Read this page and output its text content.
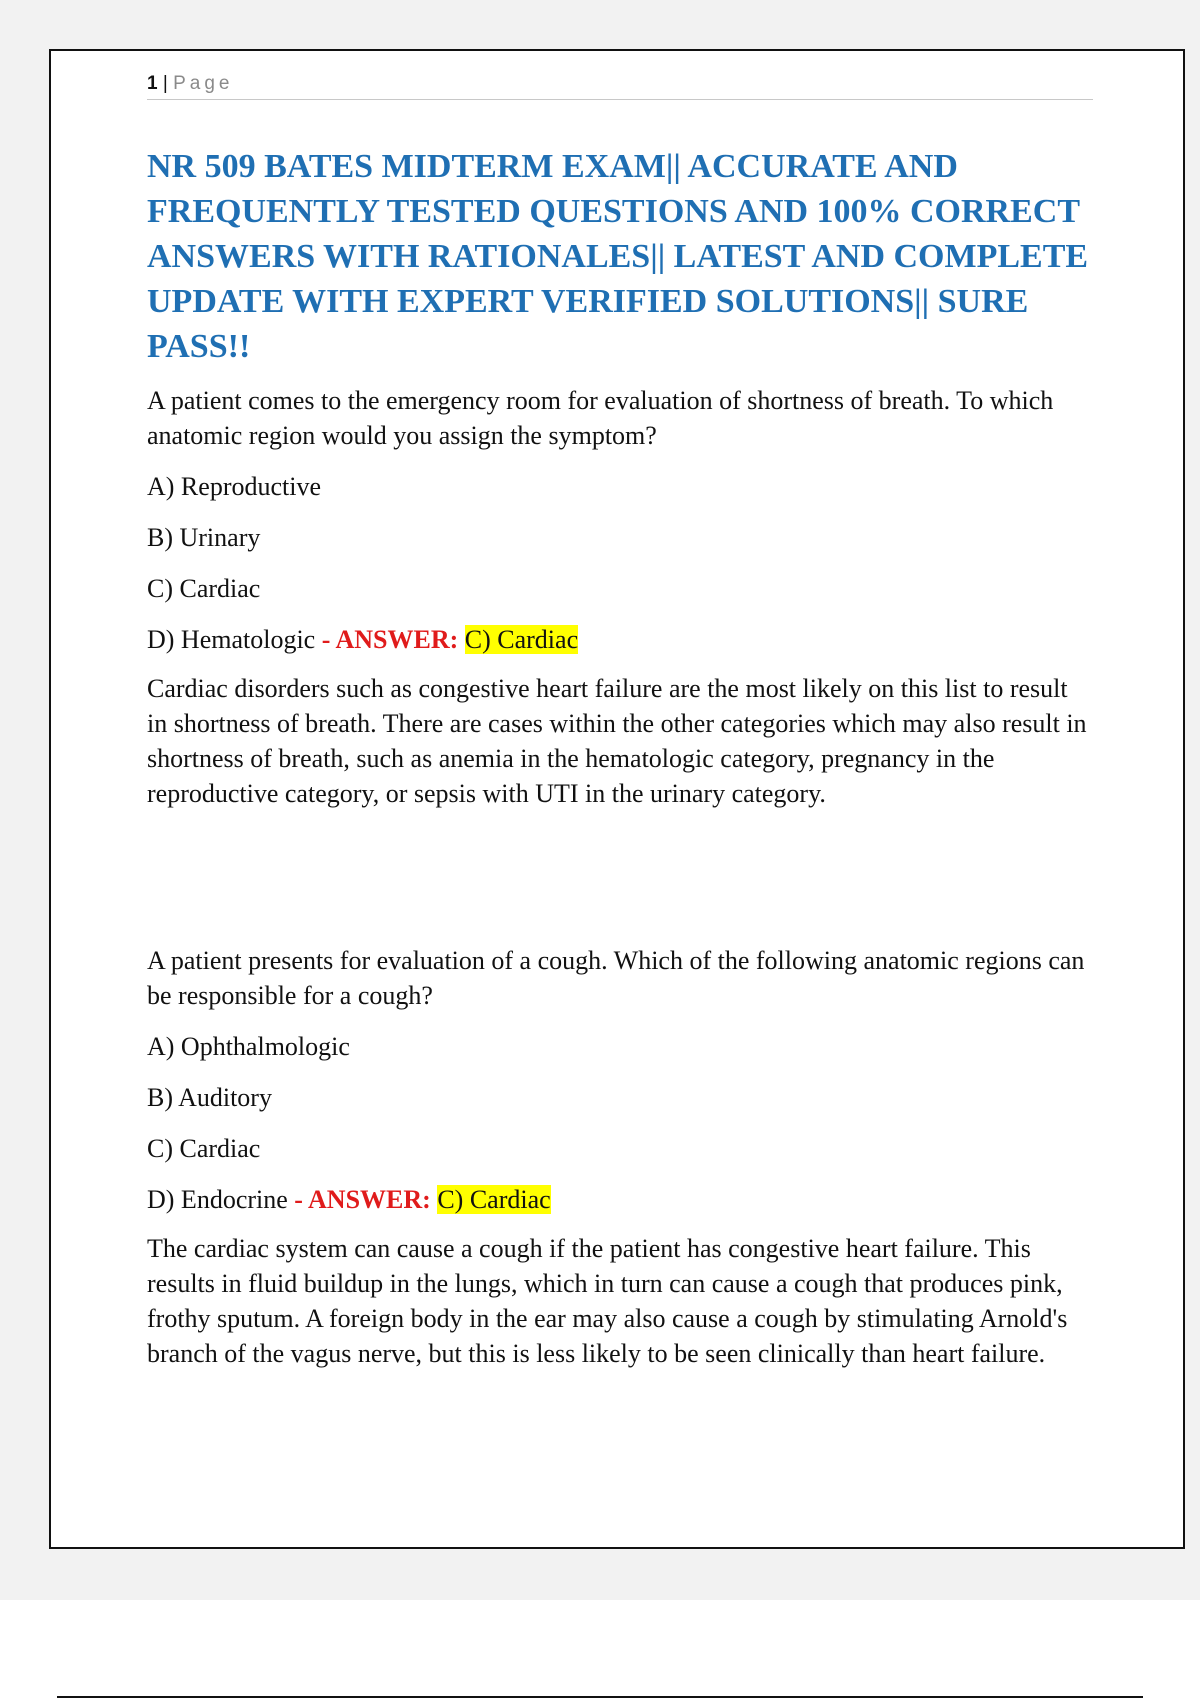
1 | Page

NR 509 BATES MIDTERM EXAM|| ACCURATE AND FREQUENTLY TESTED QUESTIONS AND 100% CORRECT ANSWERS WITH RATIONALES|| LATEST AND COMPLETE UPDATE WITH EXPERT VERIFIED SOLUTIONS|| SURE PASS!!

A patient comes to the emergency room for evaluation of shortness of breath. To which anatomic region would you assign the symptom?

A) Reproductive

B) Urinary

C) Cardiac

D) Hematologic - ANSWER: C) Cardiac

Cardiac disorders such as congestive heart failure are the most likely on this list to result in shortness of breath. There are cases within the other categories which may also result in shortness of breath, such as anemia in the hematologic category, pregnancy in the reproductive category, or sepsis with UTI in the urinary category.

A patient presents for evaluation of a cough. Which of the following anatomic regions can be responsible for a cough?

A) Ophthalmologic

B) Auditory

C) Cardiac

D) Endocrine - ANSWER: C) Cardiac

The cardiac system can cause a cough if the patient has congestive heart failure. This results in fluid buildup in the lungs, which in turn can cause a cough that produces pink, frothy sputum. A foreign body in the ear may also cause a cough by stimulating Arnold's branch of the vagus nerve, but this is less likely to be seen clinically than heart failure.
